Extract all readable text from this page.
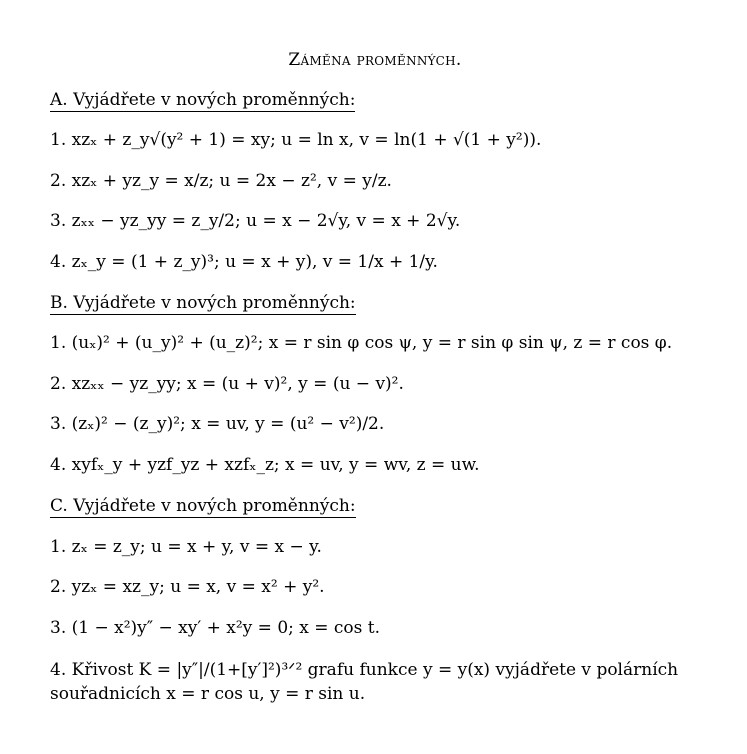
Záměna proměnných.
A. Vyjádřete v nových proměnných:
1. xzₓ + z_y√(y² + 1) = xy; u = ln x, v = ln(1 + √(1 + y²)).
2. xzₓ + yz_y = x/z; u = 2x − z², v = y/z.
3. zₓₓ − yz_yy = z_y/2; u = x − 2√y, v = x + 2√y.
4. zₓ_y = (1 + z_y)³; u = x + y), v = 1/x + 1/y.
B. Vyjádřete v nových proměnných:
1. (uₓ)² + (u_y)² + (u_z)²; x = r sin φ cos ψ, y = r sin φ sin ψ, z = r cos φ.
2. xzₓₓ − yz_yy; x = (u + v)², y = (u − v)².
3. (zₓ)² − (z_y)²; x = uv, y = (u² − v²)/2.
4. xyfₓ_y + yzf_yz + xzfₓ_z; x = uv, y = wv, z = uw.
C. Vyjádřete v nových proměnných:
1. zₓ = z_y; u = x + y, v = x − y.
2. yzₓ = xz_y; u = x, v = x² + y².
3. (1 − x²)y″ − xy′ + x²y = 0; x = cos t.
4. Křivost K = |y″|/(1+[y′]²)³ᐟ² grafu funkce y = y(x) vyjádřete v polárních souřadnicích x = r cos u, y = r sin u.
